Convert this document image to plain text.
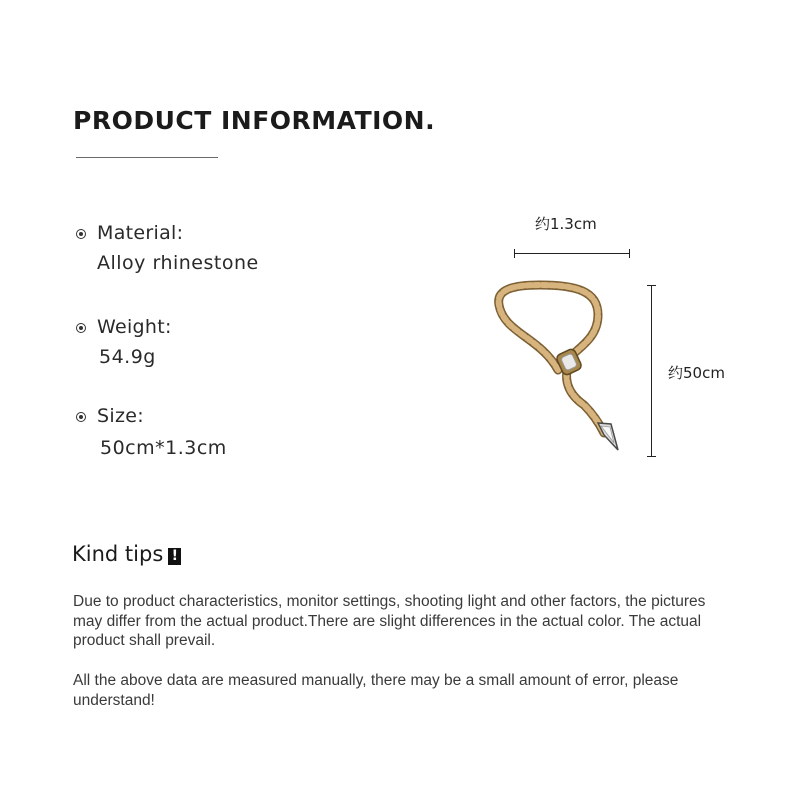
PRODUCT INFORMATION.
Material:
Alloy rhinestone
Weight:
54.9g
Size:
50cm*1.3cm
约1.3cm
约50cm
Kind tips !

Due to product characteristics, monitor settings, shooting light and other factors, the pictures may differ from the actual product.There are slight differences in the actual color. The actual product shall prevail.

All the above data are measured manually, there may be a small amount of error, please understand!
